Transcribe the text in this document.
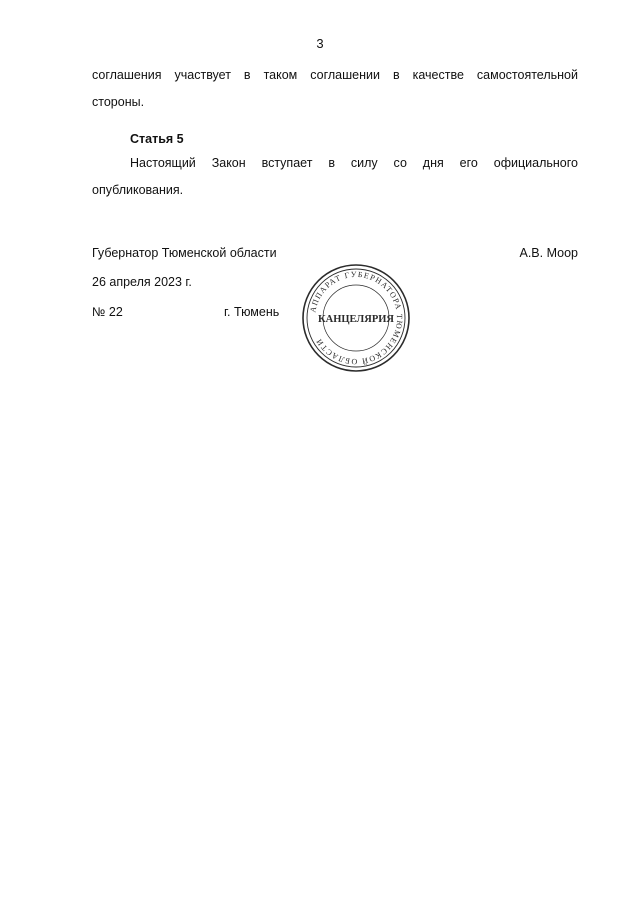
3
соглашения участвует в таком соглашении в качестве самостоятельной
стороны.
Статья 5
Настоящий Закон вступает в силу со дня его официального
опубликования.
Губернатор Тюменской области	А.В. Моор
26 апреля 2023 г.
№ 22	г. Тюмень	АППАРАТ ГУБЕРНАТОРА ТЮМЕНСКОЙ ОБЛАСТИ
КАНЦЕЛЯРИЯ
